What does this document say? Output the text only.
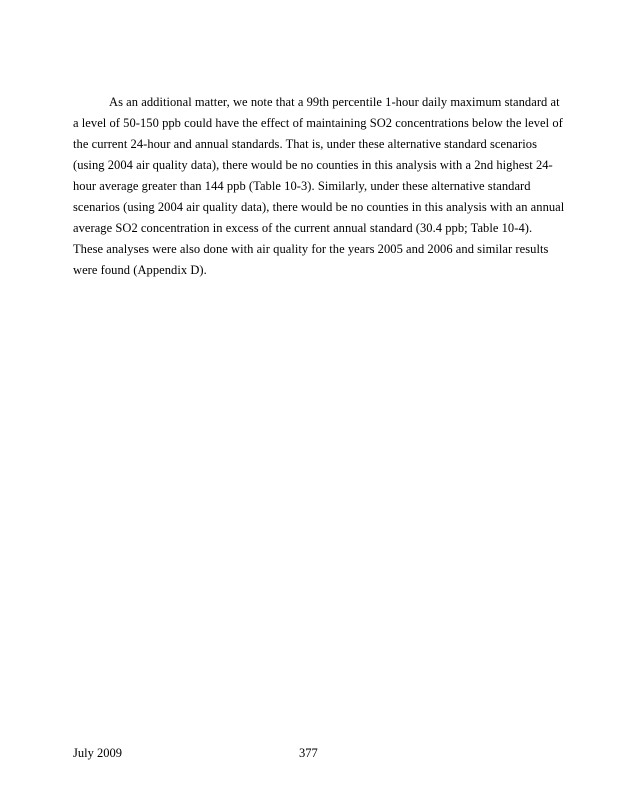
As an additional matter, we note that a 99th percentile 1-hour daily maximum standard at
a level of 50-150 ppb could have the effect of maintaining SO2 concentrations below the level of
the current 24-hour and annual standards. That is, under these alternative standard scenarios
(using 2004 air quality data), there would be no counties in this analysis with a 2nd highest 24-
hour average greater than 144 ppb (Table 10-3). Similarly, under these alternative standard
scenarios (using 2004 air quality data), there would be no counties in this analysis with an annual
average SO2 concentration in excess of the current annual standard (30.4 ppb; Table 10-4).
These analyses were also done with air quality for the years 2005 and 2006 and similar results
were found (Appendix D).
July 2009	377
